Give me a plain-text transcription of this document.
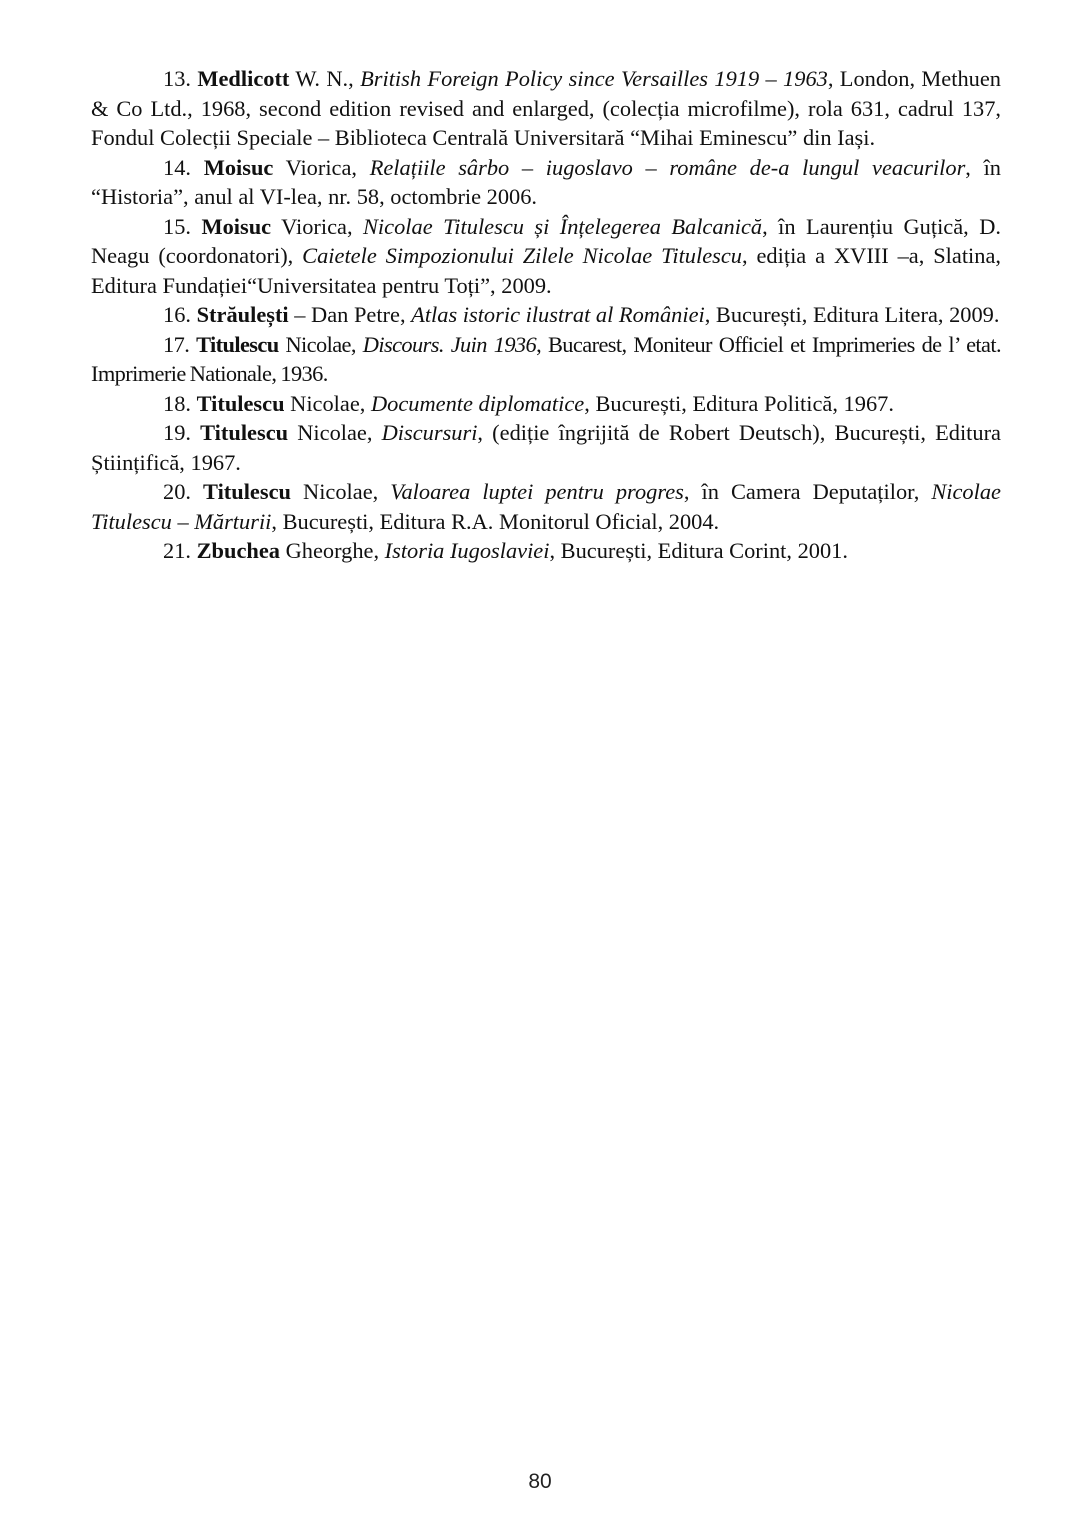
13. Medlicott W. N., British Foreign Policy since Versailles 1919 – 1963, London, Methuen & Co Ltd., 1968, second edition revised and enlarged, (colecția microfilme), rola 631, cadrul 137, Fondul Colecții Speciale – Biblioteca Centrală Universitară “Mihai Eminescu” din Iași.

14. Moisuc Viorica, Relațiile sârbo – iugoslavo – române de-a lungul veacurilor, în “Historia”, anul al VI-lea, nr. 58, octombrie 2006.

15. Moisuc Viorica, Nicolae Titulescu și Înțelegerea Balcanică, în Laurențiu Guțică, D. Neagu (coordonatori), Caietele Simpozionului Zilele Nicolae Titulescu, ediția a XVIII –a, Slatina, Editura Fundației“Universitatea pentru Toți”, 2009.

16. Străulești – Dan Petre, Atlas istoric ilustrat al României, București, Editura Litera, 2009.

17. Titulescu Nicolae, Discours. Juin 1936, Bucarest, Moniteur Officiel et Imprimeries de l’ etat. Imprimerie Nationale, 1936.

18. Titulescu Nicolae, Documente diplomatice, București, Editura Politică, 1967.

19. Titulescu Nicolae, Discursuri, (ediție îngrijită de Robert Deutsch), București, Editura Științifică, 1967.

20. Titulescu Nicolae, Valoarea luptei pentru progres, în Camera Deputaților, Nicolae Titulescu – Mărturii, București, Editura R.A. Monitorul Oficial, 2004.

21. Zbuchea Gheorghe, Istoria Iugoslaviei, București, Editura Corint, 2001.

80
